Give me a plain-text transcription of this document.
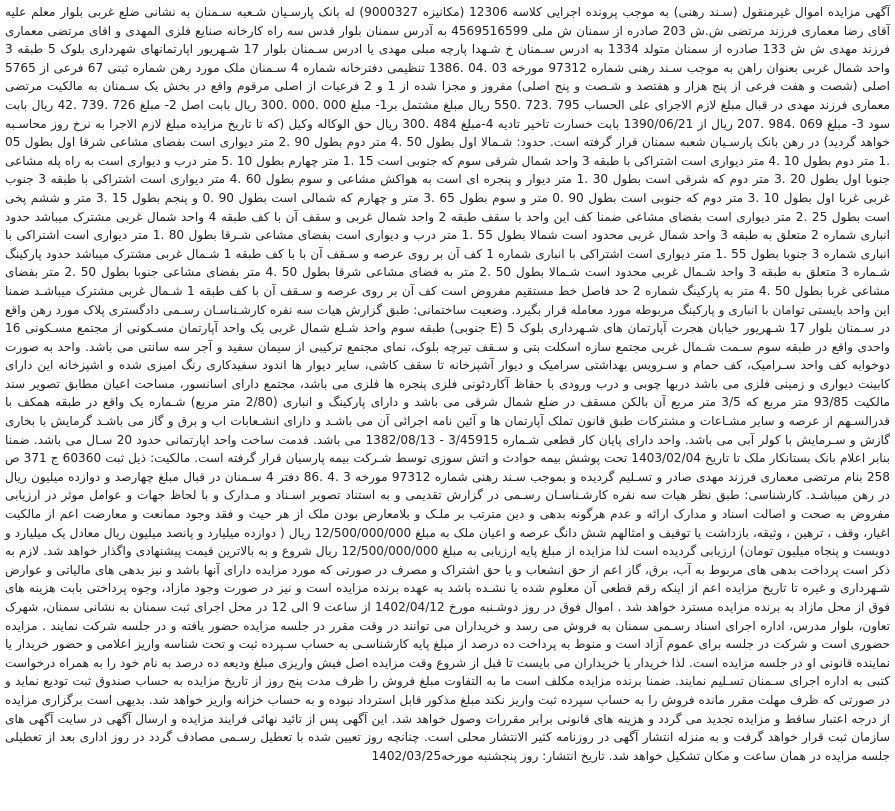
آگهی مزایده اموال غیرمنقول (سـند رهنی) به موجب پرونده اجرایی کلاسه 12306 (مکانیزه 9000327) له بانک پارسـیان شـعبه سـمنان به نشانی ضلع غربی بلوار معلم علیه آقای رضا معماری فرزند مرتضی ش.ش 203 صادره از سمنان ش ملی 4569516599 به آدرس سمنان بلوار قدس سه راه کارخانه صنایع فلزی المهدی و اقای مرتضی معماری فرزند مهدی ش ش 133 صادره از سمنان متولد 1334 به ادرس سـمنان خ شـهدا پارچه مبلی مهدی یا ادرس سـمنان بلوار 17 شـهریور اپارتمانهای شهرداری بلوک 5 طبقه 3 واحد شمال غربی بعنوان راهن به موجب سـند رهنی شماره 97312 مورخه 03 .04 .1386 تنظیمی دفترخانه شماره 4 سـمنان ملک مورد رهن شماره ثبتی 67 فرعی از 5765 اصلی (شصت و هفت فرعی از پنج هزار و هفتصد و شـصت و پنج اصلی) مفروز و مجزا شده از 1 و 2 فرعیات از اصلی مرقوم واقع در بخش یک سـمنان به مالکیت مرتضی معماری فرزند مهدی در قبال مبلغ لازم الاجرای علی الحساب 795 .723 .550 ریال مبلغ مشتمل بر1- مبلغ 000 .000 .300 ریال بابت اصل 2- مبلغ 726 .739 .42 ریال بابت سود 3- مبلغ 069 .984 .207 ریال از 1390/06/21 بابت خسارت تاخیر تادیه 4-مبلغ 484 .300 ریال حق الوکاله وکیل (که تا تاریخ مزایده مبلغ لازم الاجرا به نرخ روز محاسـبه خواهد گردید) در رهن بانک پارسـیان شعبه سمنان قرار گرفته است. حدود: شـمالا اول بطول 50 .4 متر دوم بطول 90 .2 متر دیواری است بفضای مشاعی شرقا اول بطول 05 .1 متر دوم بطول 10 .4 متر دیواری است اشتراکی با طبقه 3 واحد شمال شرقی سوم که جنوبی است 15 .1 متر چهارم بطول 10 .5 متر درب و دیواری است به راه پله مشاعی جنوبا اول بطول 20 .3 متر دوم که شرقی است بطول 30 .1 متر دیوار و پنجره ای است به هواکش مشاعی و سوم بطول 60 .4 متر دیواری است اشتراکی با طبقه 3 جنوب غربی غربا اول بطول 10 .3 متر دوم که جنوبی است بطول 90 .0 متر و سوم بطول 65 .3 متر و چهارم که شمالی است بطول 90 .0 و پنجم بطول 15 .3 متر و ششم پخی است بطول 25 .2 متر دیواری است بفضای مشاعی ضمنا کف این واحد با سقف طبقه 2 واحد شمال غربی و سقف آن با کف طبقه 4 واحد شمال غربی مشترک میباشد حدود انباری شماره 2 متعلق به طبقه 3 واحد شمال غربی محدود است شمالا بطول 55 .1 متر درب و دیواری است بفضای مشاعی شـرقا بطول 80 .1 متر دیواری است اشتراکی با انباری شماره 3 جنوبا بطول 55 .1 متر دیواری است اشتراکی با انباری شماره 1 کف آن بر روی عرصه و سـقف آن با با کف طبقه 1 شـمال غربی مشترک میباشد حدود پارکینگ شـماره 3 متعلق به طبقه 3 واحد شـمال غربی محدود است شـمالا بطول 50 .2 متر به فضای مشاعی شرقا بطول 50 .4 متر بفضای مشاعی جنوبا بطول 50 .2 متر بفضای مشاعی غربا بطول 50 .4 متر به پارکینگ شماره 2 حد فاصل خط مستقیم مفروض است کف آن بر روی عرصه و سـقف آن با کف طبقه 1 شـمال غربی مشترک میباشـد ضمنا این واحد بایستی توامان با انباری و پارکینگ مربوطه مورد معامله قرار بگیرد. وضعیت ساختمانی: طبق گزارش هیات سه نفره کارشـناسـان رسـمی دادگستری پلاک مورد رهن واقع در سـمنان بلوار 17 شـهریور خیابان هجرت آپارتمان های شـهرداری بلوک 5 (E جنوبی) طبقه سوم واحد شـلع شمال غربی یک واحد آپارتمان مسـکونی از مجتمع مسـکونی 16 واحدی واقع در طبقه سوم سـمت شـمال غربی مجتمع سازه اسکلت بتی و سـقف تیرچه بلوک، نمای مجتمع ترکیبی از سیمان سفید و آجر سه سانتی می باشد. واحد به صورت دوخوابه کف واحد سـرامیک، کف حمام و سـرویس بهداشتی سرامیک و دیوار آشپزخانه تا سقف کاشی، سایر دیوار ها اندود سفیدکاری رنگ امیزی شده و اشپزخانه این دارای کابینت دیواری و زمینی فلزی می باشد دربها چوبی و درب ورودی با حفاظ آکاردئونی فلزی پنجره ها فلزی می باشد، مجتمع دارای اسانسور، مساحت اعیان مطابق تصویر سند مالکیت 93/85 متر مربع که 3/5 متر مربع آن بالکن مسقف در ضلع شمال شرقی می باشد و دارای پارکینگ و انباری (2/80 متر مربع) شـماره یک واقع در طبقه همکف با قدرالسـهم از عرصه و سایر مشـاعات و مشترکات طبق قانون تملک آپارتمان ها و آئین نامه اجرائی آن می باشـد و دارای انشـعابات اب و برق و گاز می باشـد گرمایش با بخاری گازش و سـرمایش با کولر آبی می باشد. واحد دارای پایان کار قطعی شـماره 3/45915 - 1382/08/13 می باشد. قدمت ساخت واحد اپارتمانی حدود 20 سـال می باشد. ضمنا بنابر اعلام بانک بستانکار ملک تا تاریخ 1403/02/04 تحت پوشش بیمه حوادث و اتش سوزی توسط شـرکت بیمه پارسیان قرار گرفته است. مالکیت: ذیل ثبت 60360 ج 371 ص 258 بنام مرتضی معماری فرزند مهدی صادر و تسـلیم گردیده و بموجب سـند رهنی شماره 97312 مورخه 3 .4 .86 دفتر 4 سـمنان در قبال مبلغ چهارصد و دوازده میلیون ریال در رهن میباشـد. کارشناسی: طبق نظر هیات سه نفره کارشـناسـان رسـمی در گزارش تقدیمی و به استناد تصویر اسـناد و مـدارک و با لحاظ جهات و عوامل موثر در ارزیابی مفروض به صحت و اصالت اسناد و مدارک ارائه و عدم هرگونه بدهی و دین مترتب بر ملـک و بلامعارض بودن ملک از هر حیث و فقد وجود ممانعت و معارضت اعم از مالکیت اغیار، وقف ، ترهین ، وثیقه، بازداشت یا توقیف و امثالهم شش دانگ عرصه و اعیان ملک به مبلغ 12/500/000/000 ریال ( دوازده میلیارد و پانصد میلیون ریال معادل یک میلیارد و دویست و پنجاه میلیون تومان) ارزیابی گردیده است لذا مزایده از مبلغ پایه ارزیابی به مبلغ 12/500/000/000 ریال شروع و به بالاترین قیمت پیشنهادی واگذار خواهد شد. لازم به ذکر است پرداخت بدهی های مربوط به آب، برق، گاز اعم از حق انشعاب و یا حق اشتراک و مصرف در صورتی که مورد مزایده دارای آنها باشد و نیز بدهی های مالیاتی و عوارض شـهرداری و غیره تا تاریخ مزایده اعم از اینکه رقم قطعی آن معلوم شده یا نشـده باشد به عهده برنده مزایده است و نیز در صورت وجود مازاد، وجوه پرداختی بابت هزینه های فوق از محل مازاد به برنده مزایده مسترد خواهد شد . اموال فوق در روز دوشـنبه مورخ 1402/04/12 از ساعت 9 الی 12 در محل اجرای ثبت سمنان به نشانی سمنان، شهرک تعاون، بلوار مدرس، اداره اجرای اسناد رسـمی سمنان به فروش می رسد و خریداران می توانند در وقت مقرر در جلسه مزایده حضور یافته و در جلسه شرکت نمایند . مزایده حضوری است و شرکت در جلسه برای عموم آزاد است و منوط به پرداخت ده درصد از مبلغ پایه کارشناسـی به حساب سـپرده ثبت و تحت شناسه واریز اعلامی و حضور خریدار یا نماینده قانونی او در جلسه مزایده است. لذا خریدار یا خریداران می بایست تا قبل از شروع وقت مزایده اصل فیش واریزی مبلغ ودیعه ده درصد به نام خود را به همراه درخواست کتبی به اداره اجرای سـمنان تسـلیم نمایند. ضمنا برنده مزایده مکلف است ما به التفاوت مبلغ فروش را ظرف مدت پنج روز از تاریخ مزایده به حساب صندوق ثبت تودیع نماید و در صورتی که ظرف مهلت مقرر مانده فروش را به حساب سپرده ثبت واریز نکند مبلغ مذکور قابل استرداد نبوده و به حساب خزانه واریز خواهد شد. بدیهی است برگزاری مزایده از درجه اعتبار ساقط و مزایده تجدید می گردد و هزینه های قانونی برابر مقررات وصول خواهد شد. این آگهی پس از تائید نهائی فرایند مزایده و ارسال آگهی در سایت آگهی های سازمان ثبت قرار خواهد گرفت و به منزله انتشار آگهی در روزنامه کثیر الانتشار محلی است. چنانچه روز تعیین شده با تعطیل رسـمی مصادف گردد در روز اداری بعد از تعطیلی جلسه مزایده در همان ساعت و مکان تشکیل خواهد شد. تاریخ انتشار: روز پنجشنبه مورخه1402/03/25
